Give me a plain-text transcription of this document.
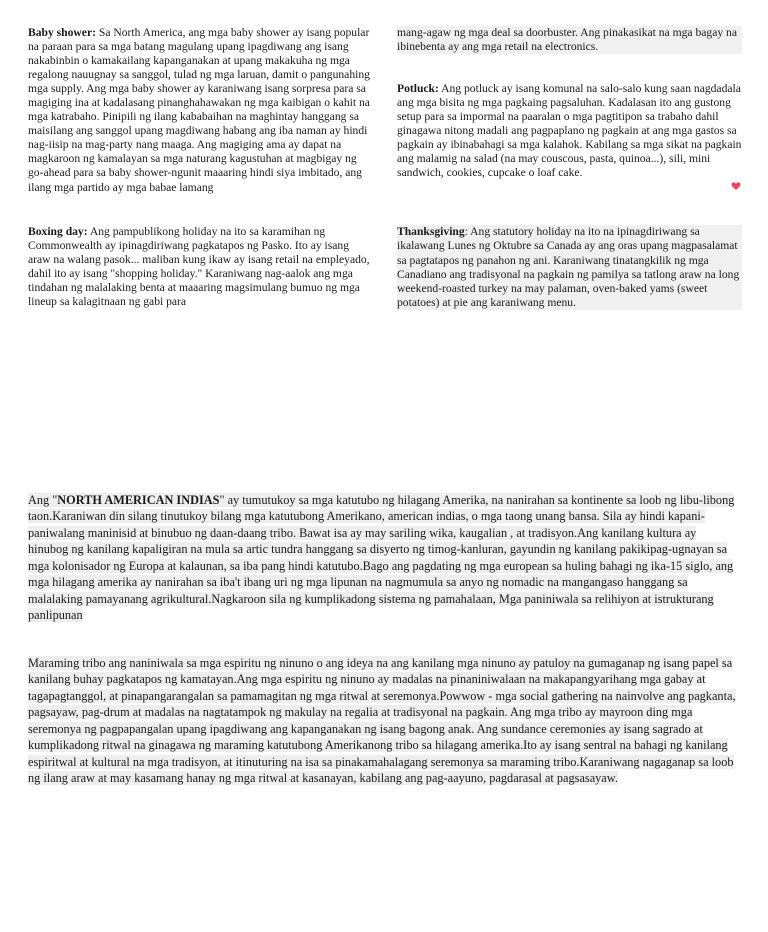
Baby shower: Sa North America, ang mga baby shower ay isang popular na paraan para sa mga batang magulang upang ipagdiwang ang isang nakabinbin o kamakailang kapanganakan at upang makakuha ng mga regalong nauugnay sa sanggol, tulad ng mga laruan, damit o pangunahing mga supply. Ang mga baby shower ay karaniwang isang sorpresa para sa magiging ina at kadalasang pinanghahawakan ng mga kaibigan o kahit na mga katrabaho. Pinipili ng ilang kababaihan na maghintay hanggang sa maisilang ang sanggol upang magdiwang habang ang iba naman ay hindi nag-iisip na mag-party nang maaga. Ang magiging ama ay dapat na magkaroon ng kamalayan sa mga naturang kagustuhan at magbigay ng go-ahead para sa baby shower-ngunit maaaring hindi siya imbitado, ang ilang mga partido ay mga babae lamang

Boxing day: Ang pampublikong holiday na ito sa karamihan ng Commonwealth ay ipinagdiriwang pagkatapos ng Pasko. Ito ay isang araw na walang pasok... maliban kung ikaw ay isang retail na empleyado, dahil ito ay isang "shopping holiday." Karaniwang nag-aalok ang mga tindahan ng malalaking benta at maaaring magsimulang bumuo ng mga lineup sa kalagitnaan ng gabi para

mang-agaw ng mga deal sa doorbuster. Ang pinakasikat na mga bagay na ibinebenta ay ang mga retail na electronics.

Potluck: Ang potluck ay isang komunal na salo-salo kung saan nagdadala ang mga bisita ng mga pagkaing pagsaluhan. Kadalasan ito ang gustong setup para sa impormal na paaralan o mga pagtitipon sa trabaho dahil ginagawa nitong madali ang pagpaplano ng pagkain at ang mga gastos sa pagkain ay ibinabahagi sa mga kalahok. Kabilang sa mga sikat na pagkain ang malamig na salad (na may couscous, pasta, quinoa...), sili, mini sandwich, cookies, cupcake o loaf cake.

Thanksgiving: Ang statutory holiday na ito na ipinagdiriwang sa ikalawang Lunes ng Oktubre sa Canada ay ang oras upang magpasalamat sa pagtatapos ng panahon ng ani. Karaniwang tinatangkilik ng mga Canadiano ang tradisyonal na pagkain ng pamilya sa tatlong araw na long weekend-roasted turkey na may palaman, oven-baked yams (sweet potatoes) at pie ang karaniwang menu.

Ang "NORTH AMERICAN INDIAS" ay tumutukoy sa mga katutubo ng hilagang Amerika, na nanirahan sa kontinente sa loob ng libu-libong taon.Karaniwan din silang tinutukoy bilang mga katutubong Amerikano, american indias, o mga taong unang bansa. Sila ay hindi kapani-paniwalang maninisid at binubuo ng daan-daang tribo. Bawat isa ay may sariling wika, kaugalian , at tradisyon.Ang kanilang kultura ay hinubog ng kanilang kapaligiran na mula sa artic tundra hanggang sa disyerto ng timog-kanluran, gayundin ng kanilang pakikipag-ugnayan sa mga kolonisador ng Europa at kalaunan, sa iba pang hindi katutubo.Bago ang pagdating ng mga european sa huling bahagi ng ika-15 siglo, ang mga hilagang amerika ay nanirahan sa iba't ibang uri ng mga lipunan na nagmumula sa anyo ng nomadic na mangangaso hanggang sa malalaking pamayanang agrikultural.Nagkaroon sila ng kumplikadong sistema ng pamahalaan, Mga paniniwala sa relihiyon at istrukturang panlipunan

Maraming tribo ang naniniwala sa mga espiritu ng ninuno o ang ideya na ang kanilang mga ninuno ay patuloy na gumaganap ng isang papel sa kanilang buhay pagkatapos ng kamatayan.Ang mga espiritu ng ninuno ay madalas na pinaniniwalaan na makapangyarihang mga gabay at tagapagtanggol, at pinapangarangalan sa pamamagitan ng mga ritwal at seremonya.Powwow - mga social gathering na nainvolve ang pagkanta, pagsayaw, pag-drum at madalas na nagtatampok ng makulay na regalia at tradisyonal na pagkain. Ang mga tribo ay mayroon ding mga seremonya ng pagpapangalan upang ipagdiwang ang kapanganakan ng isang bagong anak. Ang sundance ceremonies ay isang sagrado at kumplikadong ritwal na ginagawa ng maraming katutubong Amerikanong tribo sa hilagang amerika.Ito ay isang sentral na bahagi ng kanilang espiritwal at kultural na mga tradisyon, at itinuturing na isa sa pinakamahalagang seremonya sa maraming tribo.Karaniwang nagaganap sa loob ng ilang araw at may kasamang hanay ng mga ritwal at kasanayan, kabilang ang pag-aayuno, pagdarasal at pagsasayaw.
